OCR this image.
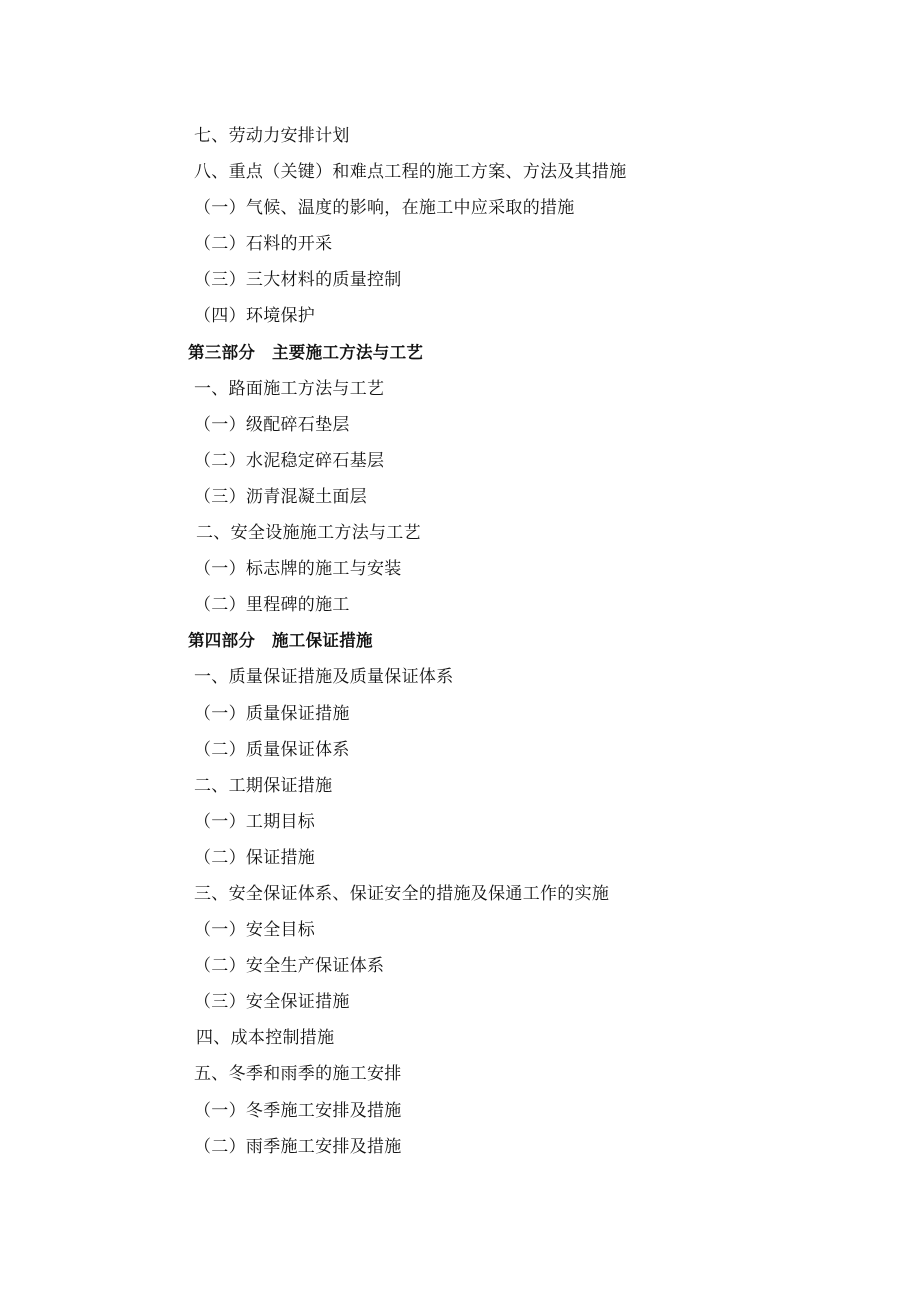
七、劳动力安排计划
八、重点（关键）和难点工程的施工方案、方法及其措施
（一）气候、温度的影响，在施工中应采取的措施
（二）石料的开采
（三）三大材料的质量控制
（四）环境保护
第三部分　主要施工方法与工艺
一、路面施工方法与工艺
（一）级配碎石垫层
（二）水泥稳定碎石基层
（三）沥青混凝土面层
二、安全设施施工方法与工艺
（一）标志牌的施工与安装
（二）里程碑的施工
第四部分　施工保证措施
一、质量保证措施及质量保证体系
（一）质量保证措施
（二）质量保证体系
二、工期保证措施
（一）工期目标
（二）保证措施
三、安全保证体系、保证安全的措施及保通工作的实施
（一）安全目标
（二）安全生产保证体系
（三）安全保证措施
四、成本控制措施
五、冬季和雨季的施工安排
（一）冬季施工安排及措施
（二）雨季施工安排及措施
